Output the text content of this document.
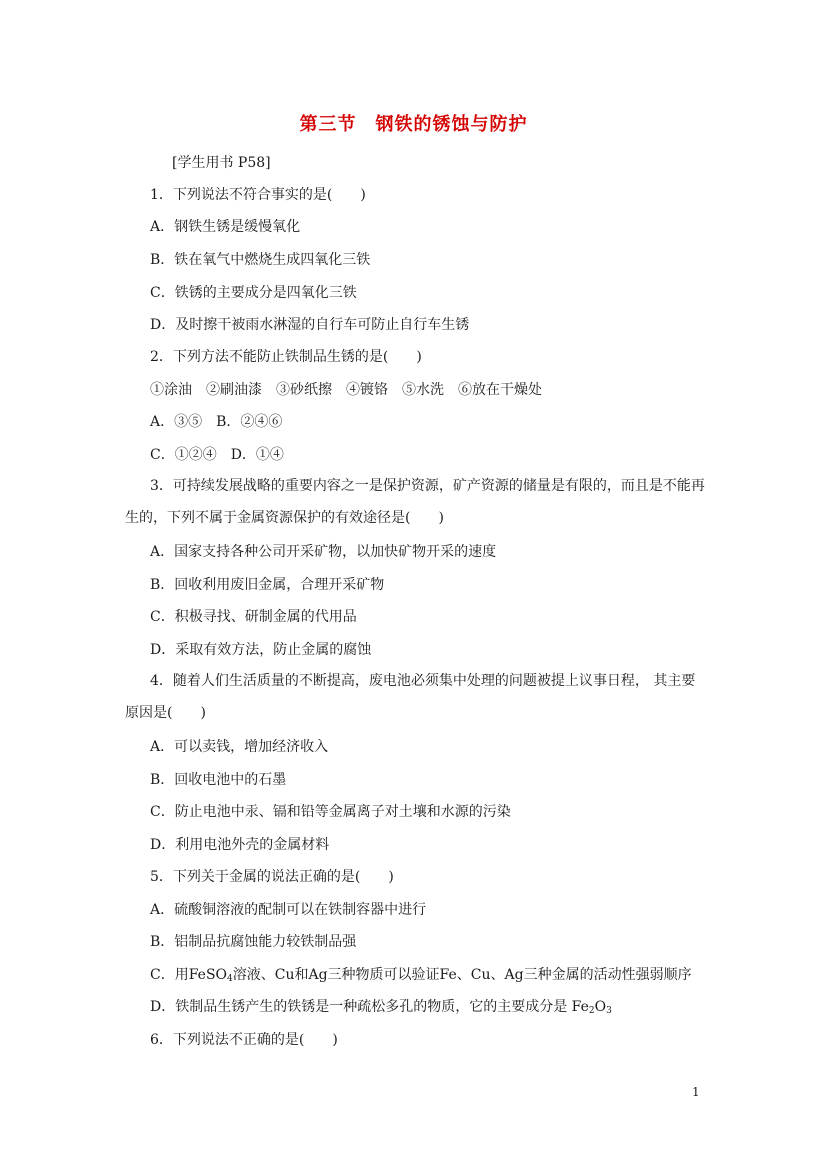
第三节　钢铁的锈蚀与防护
[学生用书 P58]
1．下列说法不符合事实的是(　　)
A．钢铁生锈是缓慢氧化
B．铁在氧气中燃烧生成四氧化三铁
C．铁锈的主要成分是四氧化三铁
D．及时擦干被雨水淋湿的自行车可防止自行车生锈
2．下列方法不能防止铁制品生锈的是(　　)
①涂油　②刷油漆　③砂纸擦　④镀铬　⑤水洗　⑥放在干燥处
A．③⑤　B．②④⑥
C．①②④　D．①④
3．可持续发展战略的重要内容之一是保护资源，矿产资源的储量是有限的，而且是不能再生的，下列不属于金属资源保护的有效途径是(　　)
A．国家支持各种公司开采矿物，以加快矿物开采的速度
B．回收利用废旧金属，合理开采矿物
C．积极寻找、研制金属的代用品
D．采取有效方法，防止金属的腐蚀
4．随着人们生活质量的不断提高，废电池必须集中处理的问题被提上议事日程， 其主要原因是(　　)
A．可以卖钱，增加经济收入
B．回收电池中的石墨
C．防止电池中汞、镉和铅等金属离子对土壤和水源的污染
D．利用电池外壳的金属材料
5．下列关于金属的说法正确的是(　　)
A．硫酸铜溶液的配制可以在铁制容器中进行
B．铝制品抗腐蚀能力较铁制品强
C．用FeSO$_4$溶液、Cu和Ag三种物质可以验证Fe、Cu、Ag三种金属的活动性强弱顺序
D．铁制品生锈产生的铁锈是一种疏松多孔的物质，它的主要成分是 $Fe_2O_3$
6．下列说法不正确的是(　　)
1
